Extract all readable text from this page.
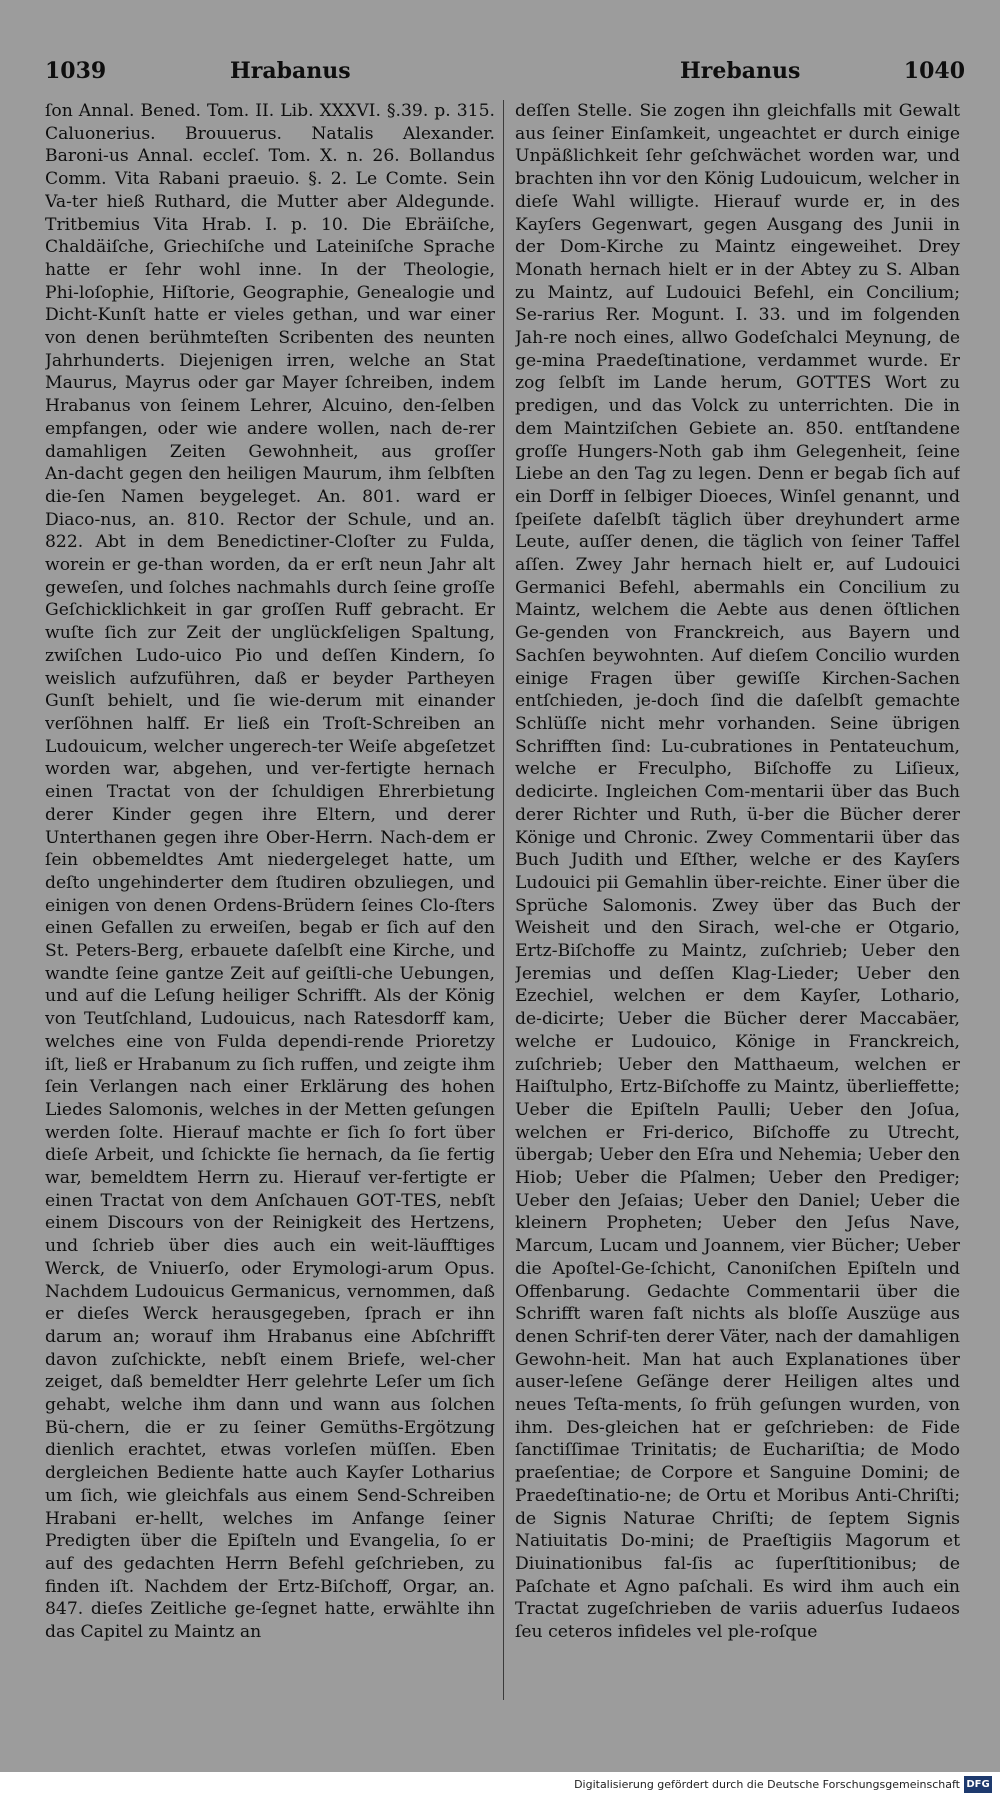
1039	Hrabanus	Hrebanus	1040

ſon Annal. Bened. Tom. II. Lib. XXXVI. §.39. p. 315. Caluonerius. Brouuerus. Natalis Alexander. Baroni‑us Annal. eccleſ. Tom. X. n. 26. Bollandus Comm. Vita Rabani praeuio. §. 2. Le Comte. Sein Va‑ter hieß Ruthard, die Mutter aber Aldegunde. Tritbemius Vita Hrab. I. p. 10. Die Ebräiſche, Chaldäiſche, Griechiſche und Lateiniſche Sprache hatte er ſehr wohl inne. In der Theologie, Phi‑loſophie, Hiſtorie, Geographie, Genealogie und Dicht‑Kunſt hatte er vieles gethan, und war einer von denen berühmteſten Scribenten des neunten Jahrhunderts. Diejenigen irren, welche an Stat Maurus, Mayrus oder gar Mayer ſchreiben, indem Hrabanus von ſeinem Lehrer, Alcuino, den‑ſelben empfangen, oder wie andere wollen, nach de‑rer damahligen Zeiten Gewohnheit, aus groſſer An‑dacht gegen den heiligen Maurum, ihm ſelbſten die‑ſen Namen beygeleget. An. 801. ward er Diaco‑nus, an. 810. Rector der Schule, und an. 822. Abt in dem Benedictiner‑Cloſter zu Fulda, worein er ge‑than worden, da er erſt neun Jahr alt geweſen, und ſolches nachmahls durch ſeine groſſe Geſchicklichkeit in gar groſſen Ruff gebracht. Er wuſte ſich zur Zeit der unglückſeligen Spaltung, zwiſchen Ludo‑uico Pio und deſſen Kindern, ſo weislich aufzuführen, daß er beyder Partheyen Gunſt behielt, und ſie wie‑derum mit einander verſöhnen halff. Er ließ ein Troſt‑Schreiben an Ludouicum, welcher ungerech‑ter Weiſe abgeſetzet worden war, abgehen, und ver‑fertigte hernach einen Tractat von der ſchuldigen Ehrerbietung derer Kinder gegen ihre Eltern, und derer Unterthanen gegen ihre Ober‑Herrn. Nach‑dem er ſein obbemeldtes Amt niedergeleget hatte, um deſto ungehinderter dem ſtudiren obzuliegen, und einigen von denen Ordens‑Brüdern ſeines Clo‑ſters einen Gefallen zu erweiſen, begab er ſich auf den St. Peters‑Berg, erbauete daſelbſt eine Kirche, und wandte ſeine gantze Zeit auf geiſtli‑che Uebungen, und auf die Leſung heiliger Schrifft. Als der König von Teutſchland, Ludouicus, nach Ratesdorff kam, welches eine von Fulda dependi‑rende Prioretzy iſt, ließ er Hrabanum zu ſich ruffen, und zeigte ihm ſein Verlangen nach einer Erklärung des hohen Liedes Salomonis, welches in der Metten geſungen werden ſolte. Hierauf machte er ſich ſo fort über dieſe Arbeit, und ſchickte ſie hernach, da ſie fertig war, bemeldtem Herrn zu. Hierauf ver‑fertigte er einen Tractat von dem Anſchauen GOT‑TES, nebſt einem Discours von der Reinigkeit des Hertzens, und ſchrieb über dies auch ein weit‑läufftiges Werck, de Vniuerſo, oder Erymologi‑arum Opus. Nachdem Ludouicus Germanicus, vernommen, daß er dieſes Werck herausgegeben, ſprach er ihn darum an; worauf ihm Hrabanus eine Abſchrifft davon zuſchickte, nebſt einem Briefe, wel‑cher zeiget, daß bemeldter Herr gelehrte Leſer um ſich gehabt, welche ihm dann und wann aus ſolchen Bü‑chern, die er zu ſeiner Gemüths‑Ergötzung dienlich erachtet, etwas vorleſen müſſen. Eben dergleichen Bediente hatte auch Kayſer Lotharius um ſich, wie gleichfals aus einem Send‑Schreiben Hrabani er‑hellt, welches im Anfange ſeiner Predigten über die Epiſteln und Evangelia, ſo er auf des gedachten Herrn Befehl geſchrieben, zu finden iſt. Nachdem der Ertz‑Biſchoff, Orgar, an. 847. dieſes Zeitliche ge‑ſegnet hatte, erwählte ihn das Capitel zu Maintz an

deſſen Stelle. Sie zogen ihn gleichfalls mit Gewalt aus ſeiner Einſamkeit, ungeachtet er durch einige Unpäßlichkeit ſehr geſchwächet worden war, und brachten ihn vor den König Ludouicum, welcher in dieſe Wahl willigte. Hierauf wurde er, in des Kayſers Gegenwart, gegen Ausgang des Junii in der Dom‑Kirche zu Maintz eingeweihet. Drey Monath hernach hielt er in der Abtey zu S. Alban zu Maintz, auf Ludouici Befehl, ein Concilium; Se‑rarius Rer. Mogunt. I. 33. und im folgenden Jah‑re noch eines, allwo Godeſchalci Meynung, de ge‑mina Praedeſtinatione, verdammet wurde. Er zog ſelbſt im Lande herum, GOTTES Wort zu predigen, und das Volck zu unterrichten. Die in dem Maintziſchen Gebiete an. 850. entſtandene groſſe Hungers‑Noth gab ihm Gelegenheit, ſeine Liebe an den Tag zu legen. Denn er begab ſich auf ein Dorff in ſelbiger Dioeces, Winſel genannt, und ſpeiſete daſelbſt täglich über dreyhundert arme Leute, auſſer denen, die täglich von ſeiner Taffel aſſen. Zwey Jahr hernach hielt er, auf Ludouici Germanici Befehl, abermahls ein Concilium zu Maintz, welchem die Aebte aus denen öſtlichen Ge‑genden von Franckreich, aus Bayern und Sachſen beywohnten. Auf dieſem Concilio wurden einige Fragen über gewiſſe Kirchen‑Sachen entſchieden, je‑doch ſind die daſelbſt gemachte Schlüſſe nicht mehr vorhanden. Seine übrigen Schrifften ſind: Lu‑cubrationes in Pentateuchum, welche er Freculpho, Biſchoffe zu Liſieux, dedicirte. Ingleichen Com‑mentarii über das Buch derer Richter und Ruth, ü‑ber die Bücher derer Könige und Chronic. Zwey Commentarii über das Buch Judith und Eſther, welche er des Kayſers Ludouici pii Gemahlin über‑reichte. Einer über die Sprüche Salomonis. Zwey über das Buch der Weisheit und den Sirach, wel‑che er Otgario, Ertz‑Biſchoffe zu Maintz, zuſchrieb; Ueber den Jeremias und deſſen Klag‑Lieder; Ueber den Ezechiel, welchen er dem Kayſer, Lothario, de‑dicirte; Ueber die Bücher derer Maccabäer, welche er Ludouico, Könige in Franckreich, zuſchrieb; Ueber den Matthaeum, welchen er Haiſtulpho, Ertz‑Biſchoffe zu Maintz, überlieffette; Ueber die Epiſteln Paulli; Ueber den Joſua, welchen er Fri‑derico, Biſchoffe zu Utrecht, übergab; Ueber den Eſra und Nehemia; Ueber den Hiob; Ueber die Pſalmen; Ueber den Prediger; Ueber den Jeſaias; Ueber den Daniel; Ueber die kleinern Propheten; Ueber den Jeſus Nave, Marcum, Lucam und Joannem, vier Bücher; Ueber die Apoſtel‑Ge‑ſchicht, Canoniſchen Epiſteln und Offenbarung. Gedachte Commentarii über die Schrifft waren faſt nichts als bloſſe Auszüge aus denen Schrif‑ten derer Väter, nach der damahligen Gewohn‑heit. Man hat auch Explanationes über auser‑leſene Geſänge derer Heiligen altes und neues Teſta‑ments, ſo früh geſungen wurden, von ihm. Des‑gleichen hat er geſchrieben: de Fide ſanctiſſimae Trinitatis; de Euchariſtia; de Modo praeſentiae; de Corpore et Sanguine Domini; de Praedeſtinatio‑ne; de Ortu et Moribus Anti‑Chriſti; de Signis Naturae Chriſti; de ſeptem Signis Natiuitatis Do‑mini; de Praeſtigiis Magorum et Diuinationibus fal‑ſis ac ſuperſtitionibus; de Paſchate et Agno paſchali. Es wird ihm auch ein Tractat zugeſchrieben de variis aduerſus Iudaeos ſeu ceteros infideles vel ple‑roſque

Digitalisierung gefördert durch die Deutsche Forschungsgemeinschaft DFG
